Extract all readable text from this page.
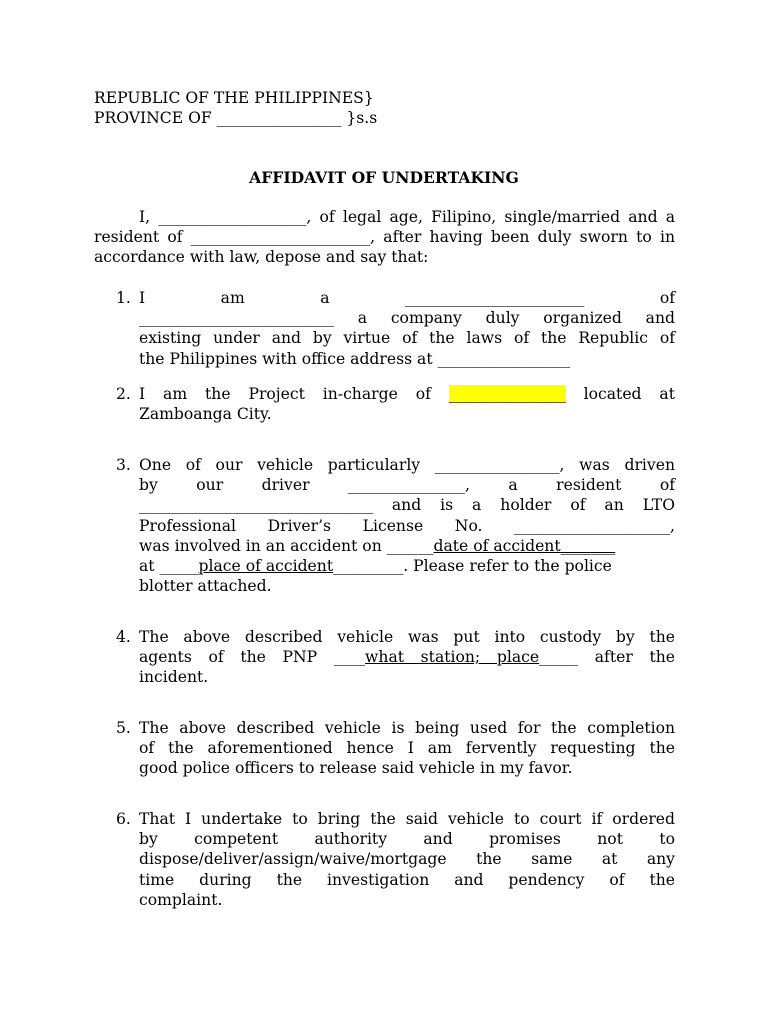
REPUBLIC OF THE PHILIPPINES}
PROVINCE OF ________________ }s.s
AFFIDAVIT OF UNDERTAKING
I, ___________________, of legal age, Filipino, single/married and a resident of _______________________, after having been duly sworn to in accordance with law, depose and say that:
1. I am a _______________________ of
_________________________ a company duly organized and
existing under and by virtue of the laws of the Republic of
the Philippines with office address at _________________
2. I am the Project in-charge of _______________ located at
Zamboanga City.
3. One of our vehicle particularly ________________, was driven
by our driver _______________, a resident of
______________________________ and is a holder of an LTO
Professional Driver’s License No. ____________________,
was involved in an accident on ______date of accident_______
at _____place of accident_________. Please refer to the police
blotter attached.
4. The above described vehicle was put into custody by the
agents of the PNP ____what station; place_____ after the
incident.
5. The above described vehicle is being used for the completion
of the aforementioned hence I am fervently requesting the
good police officers to release said vehicle in my favor.
6. That I undertake to bring the said vehicle to court if ordered
by competent authority and promises not to
dispose/deliver/assign/waive/mortgage the same at any
time during the investigation and pendency of the
complaint.
